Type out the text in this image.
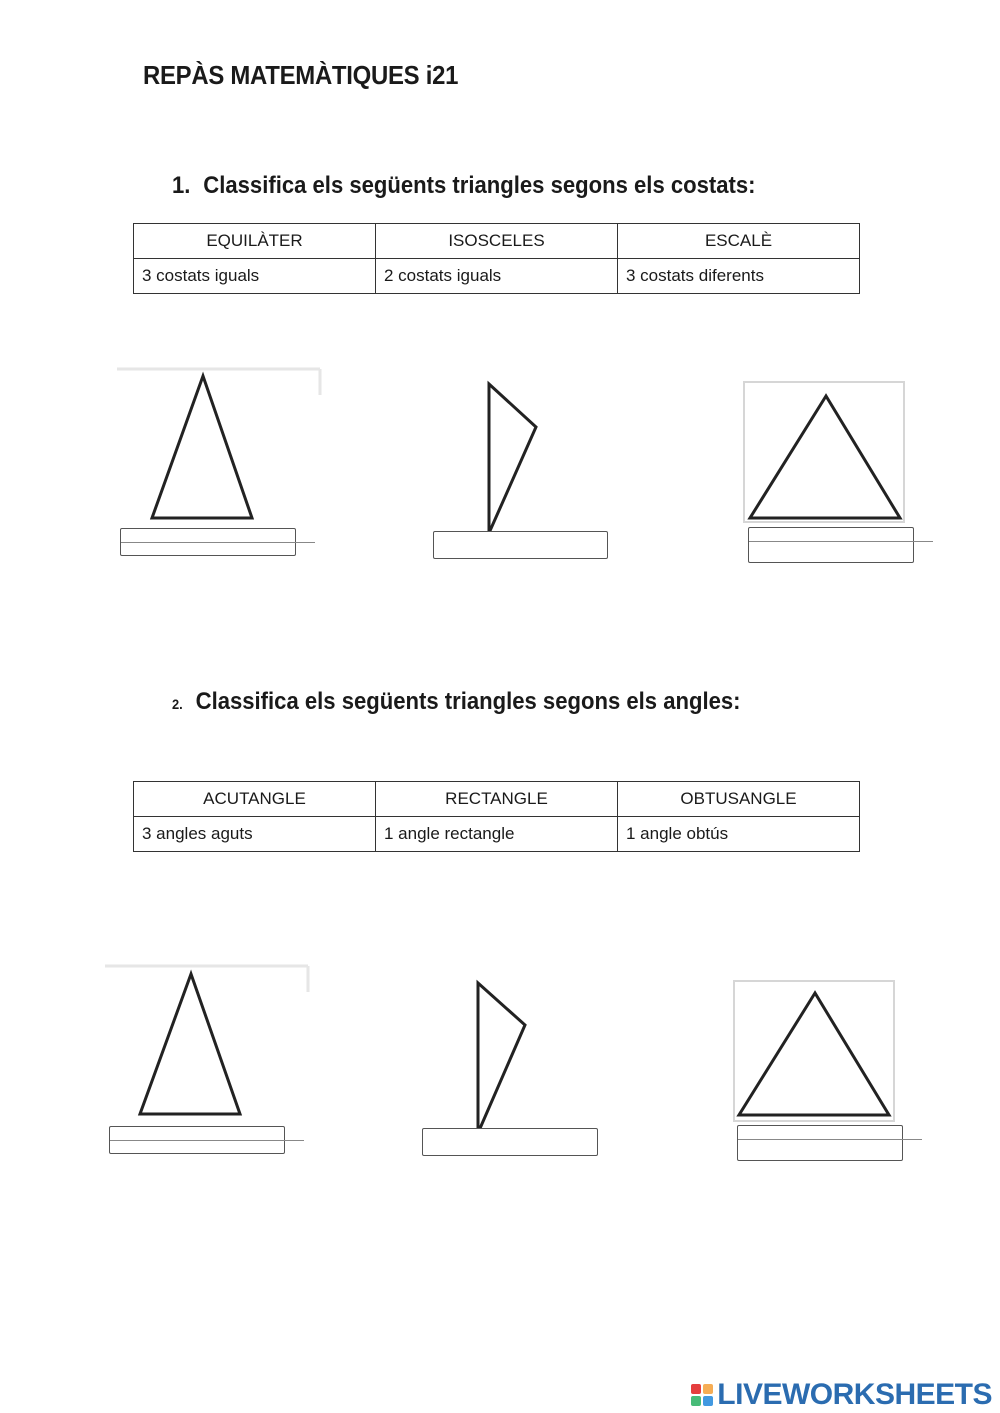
REPÀS MATEMÀTIQUES i21
1. Classifica els següents triangles segons els costats:
EQUILÀTER	ISOSCELES	ESCALÈ
3 costats iguals	2 costats iguals	3 costats diferents
2. Classifica els següents triangles segons els angles:
ACUTANGLE	RECTANGLE	OBTUSANGLE
3 angles aguts	1 angle rectangle	1 angle obtús
LIVEWORKSHEETS
